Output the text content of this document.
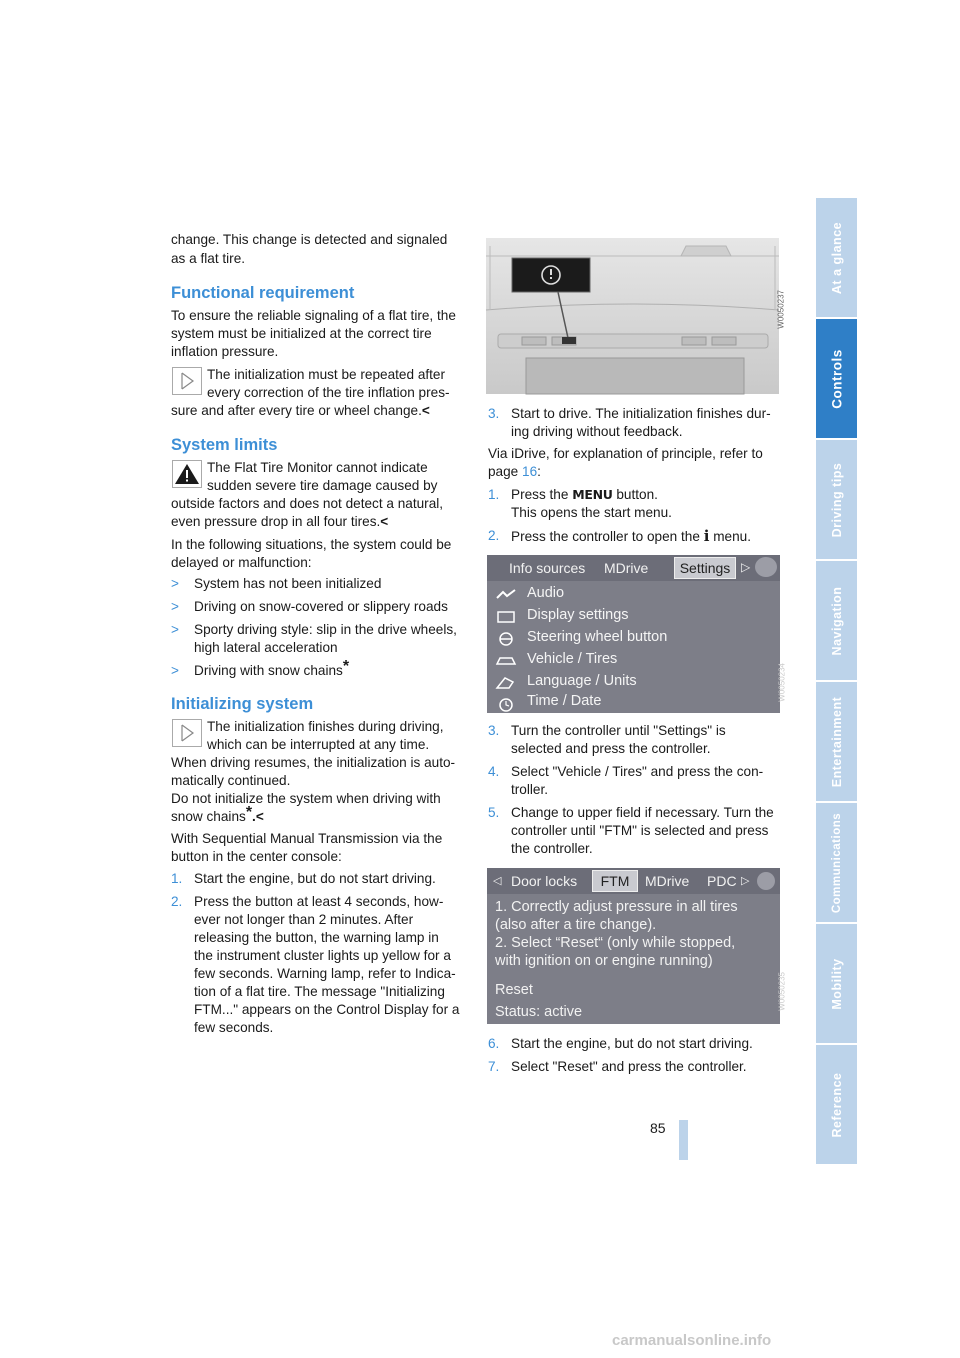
change. This change is detected and signaled

as a flat tire.

Functional requirement

To ensure the reliable signaling of a flat tire, the

system must be initialized at the correct tire

inflation pressure.

The initialization must be repeated after

every correction of the tire inflation pres-

sure and after every tire or wheel change.<

System limits

The Flat Tire Monitor cannot indicate

sudden severe tire damage caused by

outside factors and does not detect a natural,

even pressure drop in all four tires.<

In the following situations, the system could be

delayed or malfunction:

> System has not been initialized
> Driving on snow-covered or slippery roads
> Sporty driving style: slip in the drive wheels,
high lateral acceleration
> Driving with snow chains*
Initializing system

The initialization finishes during driving,

which can be interrupted at any time.

When driving resumes, the initialization is auto-

matically continued.

Do not initialize the system when driving with

snow chains*.<

With Sequential Manual Transmission via the

button in the center console:

1. Start the engine, but do not start driving.
2. Press the button at least 4 seconds, how-
ever not longer than 2 minutes. After
releasing the button, the warning lamp in
the instrument cluster lights up yellow for a
few seconds. Warning lamp, refer to Indica-
tion of a flat tire. The message "Initializing
FTM..." appears on the Control Display for a
few seconds.
W0050237
3. Start to drive. The initialization finishes dur-
ing driving without feedback.

Via iDrive, for explanation of principle, refer to

page 16:

1. Press the MENU button.
This opens the start menu.
2. Press the controller to open the i menu.
Info sources MDrive	Settings ▷
Audio
Display settings
Steering wheel button
Vehicle / Tires
Language / Units
Time / Date	W0050234
3. Turn the controller until "Settings" is
selected and press the controller.
4. Select "Vehicle / Tires" and press the con-
troller.
5. Change to upper field if necessary. Turn the
controller until "FTM" is selected and press
the controller.
◁ Door locks	FTM	MDrive PDC ▷
1. Correctly adjust pressure in all tires
(also after a tire change).
2. Select “Reset“ (only while stopped,
with ignition on or engine running)
Reset
Status: active
W0050235
6. Start the engine, but do not start driving.
7. Select "Reset" and press the controller.
85
At a glance
Controls
Driving tips
Navigation
Entertainment
Communications
Mobility
Reference
carmanualsonline.info
